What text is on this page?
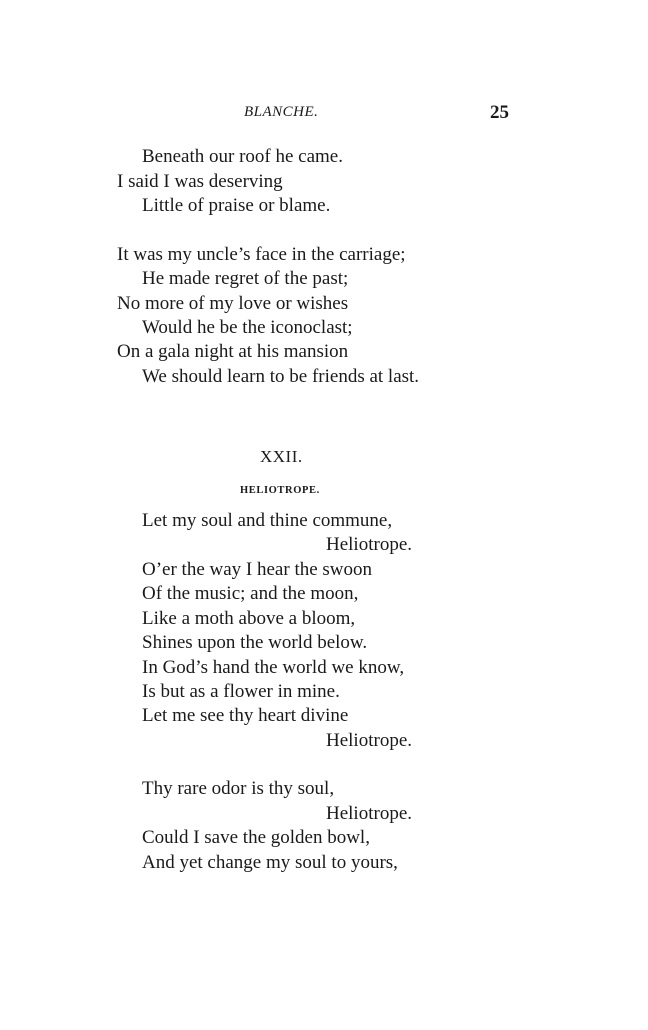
BLANCHE.	25
Beneath our roof he came.
I said I was deserving
Little of praise or blame.
It was my uncle’s face in the carriage;
He made regret of the past;
No more of my love or wishes
Would he be the iconoclast;
On a gala night at his mansion
We should learn to be friends at last.
XXII.
HELIOTROPE.
Let my soul and thine commune,
Heliotrope.
O’er the way I hear the swoon
Of the music; and the moon,
Like a moth above a bloom,
Shines upon the world below.
In God’s hand the world we know,
Is but as a flower in mine.
Let me see thy heart divine
Heliotrope.
Thy rare odor is thy soul,
Heliotrope.
Could I save the golden bowl,
And yet change my soul to yours,
